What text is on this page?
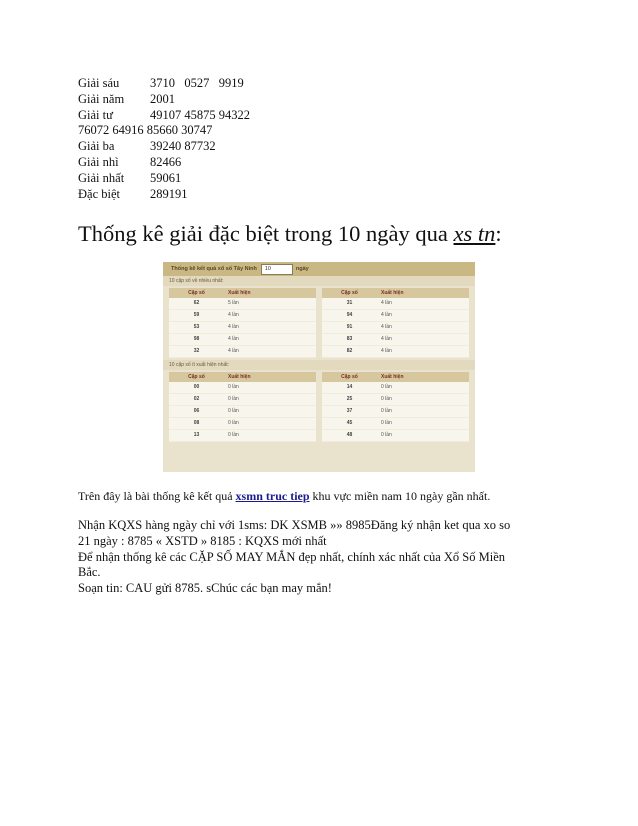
Giải sáu	3710   0527   9919
Giải năm	2001
Giải tư	49107 45875 94322
76072 64916 85660 30747
Giải ba	39240 87732
Giải nhì	82466
Giải nhất	59061
Đặc biệt	289191
Thống kê giải đặc biệt trong 10 ngày qua xs tn:
Thống kê kết quả xổ số Tây Ninh	10	ngày
10 cặp số về nhiều nhất:
Cặp số	Xuất hiện
62	5 lần
59	4 lần
53	4 lần
98	4 lần
32	4 lần
Cặp số	Xuất hiện
31	4 lần
94	4 lần
91	4 lần
83	4 lần
82	4 lần
10 cặp số ít xuất hiện nhất:
Cặp số	Xuất hiện
00	0 lần
02	0 lần
06	0 lần
08	0 lần
13	0 lần
Cặp số	Xuất hiện
14	0 lần
25	0 lần
37	0 lần
45	0 lần
48	0 lần
Trên đây là bài thống kê kết quả xsmn truc tiep khu vực miền nam 10 ngày gần nhất.
Nhận KQXS hàng ngày chỉ với 1sms: DK XSMB »» 8985Đăng ký nhận ket qua xo so
21 ngày : 8785 « XSTD » 8185 : KQXS mới nhất
Để nhận thống kê các CẶP SỐ MAY MẮN đẹp nhất, chính xác nhất của Xổ Số Miền
Bắc.
Soạn tin: CAU gửi 8785. sChúc các bạn may mắn!
